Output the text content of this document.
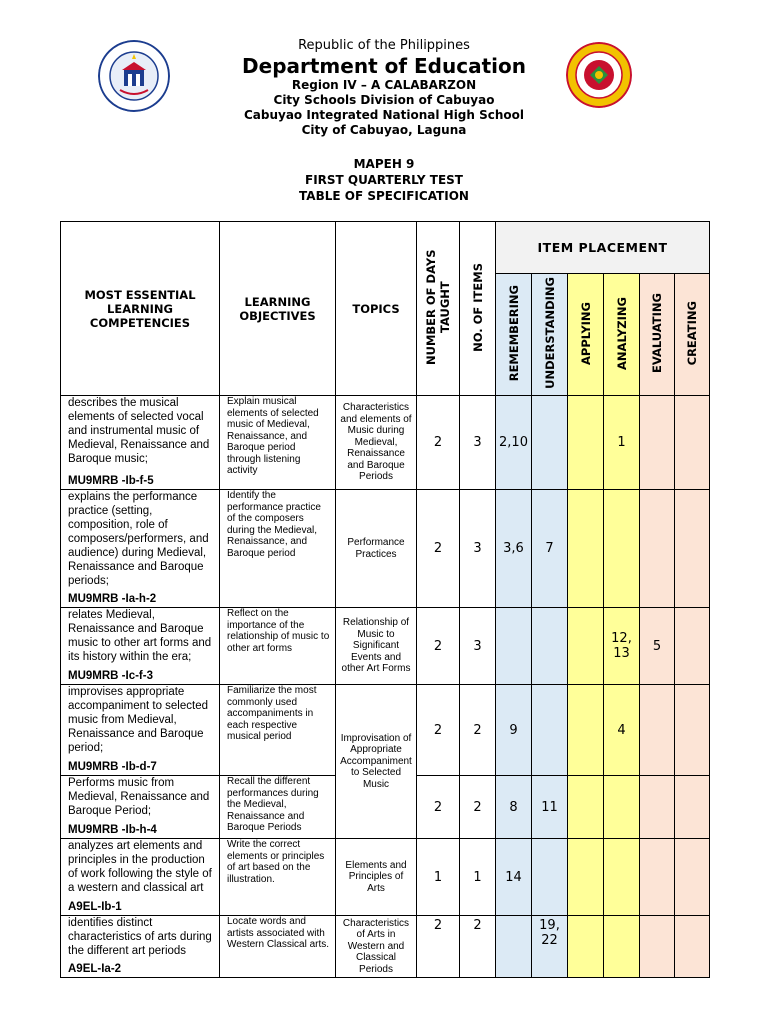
Republic of the Philippines
Department of Education
Region IV – A CALABARZON
City Schools Division of Cabuyao
Cabuyao Integrated National High School
City of Cabuyao, Laguna
MAPEH 9
FIRST QUARTERLY TEST
TABLE OF SPECIFICATION
MOST ESSENTIAL LEARNING COMPETENCIES	LEARNING OBJECTIVES	TOPICS	NUMBER OF DAYS TAUGHT	NO. OF ITEMS	ITEM PLACEMENT					
					REMEMBERING	UNDERSTANDING	APPLYING	ANALYZING	EVALUATING	CREATING

describes the musical elements of selected vocal and instrumental music of Medieval, Renaissance and Baroque music;
MU9MRB -Ib-f-5	Explain musical elements of selected music of Medieval, Renaissance, and Baroque period through listening activity	Characteristics and elements of Music during Medieval, Renaissance and Baroque Periods	2	3	2,10			1		

explains the performance practice (setting, composition, role of composers/performers, and audience) during Medieval, Renaissance and Baroque periods;
MU9MRB -Ia-h-2	Identify the performance practice of the composers during the Medieval, Renaissance, and Baroque period	Performance Practices	2	3	3,6	7				

relates Medieval, Renaissance and Baroque music to other art forms and its history within the era;
MU9MRB -Ic-f-3	Reflect on the importance of the relationship of music to other art forms	Relationship of Music to Significant Events and other Art Forms	2	3				12, 13	5	

improvises appropriate accompaniment to selected music from Medieval, Renaissance and Baroque period;
MU9MRB -Ib-d-7	Familiarize the most commonly used accompaniments in each respective musical period	Improvisation of Appropriate Accompaniment to Selected Music	2	2	9			4		

Performs music from Medieval, Renaissance and Baroque Period;
MU9MRB -Ib-h-4	Recall the different performances during the Medieval, Renaissance and Baroque Periods		2	2	8	11				

analyzes art elements and principles in the production of work following the style of a western and classical art
A9EL-Ib-1	Write the correct elements or principles of art based on the illustration.	Elements and Principles of Arts	1	1	14					

identifies distinct characteristics of arts during the different art periods
A9EL-Ia-2	Locate words and artists associated with Western Classical arts.	Characteristics of Arts in Western and Classical Periods	2	2		19, 22				
